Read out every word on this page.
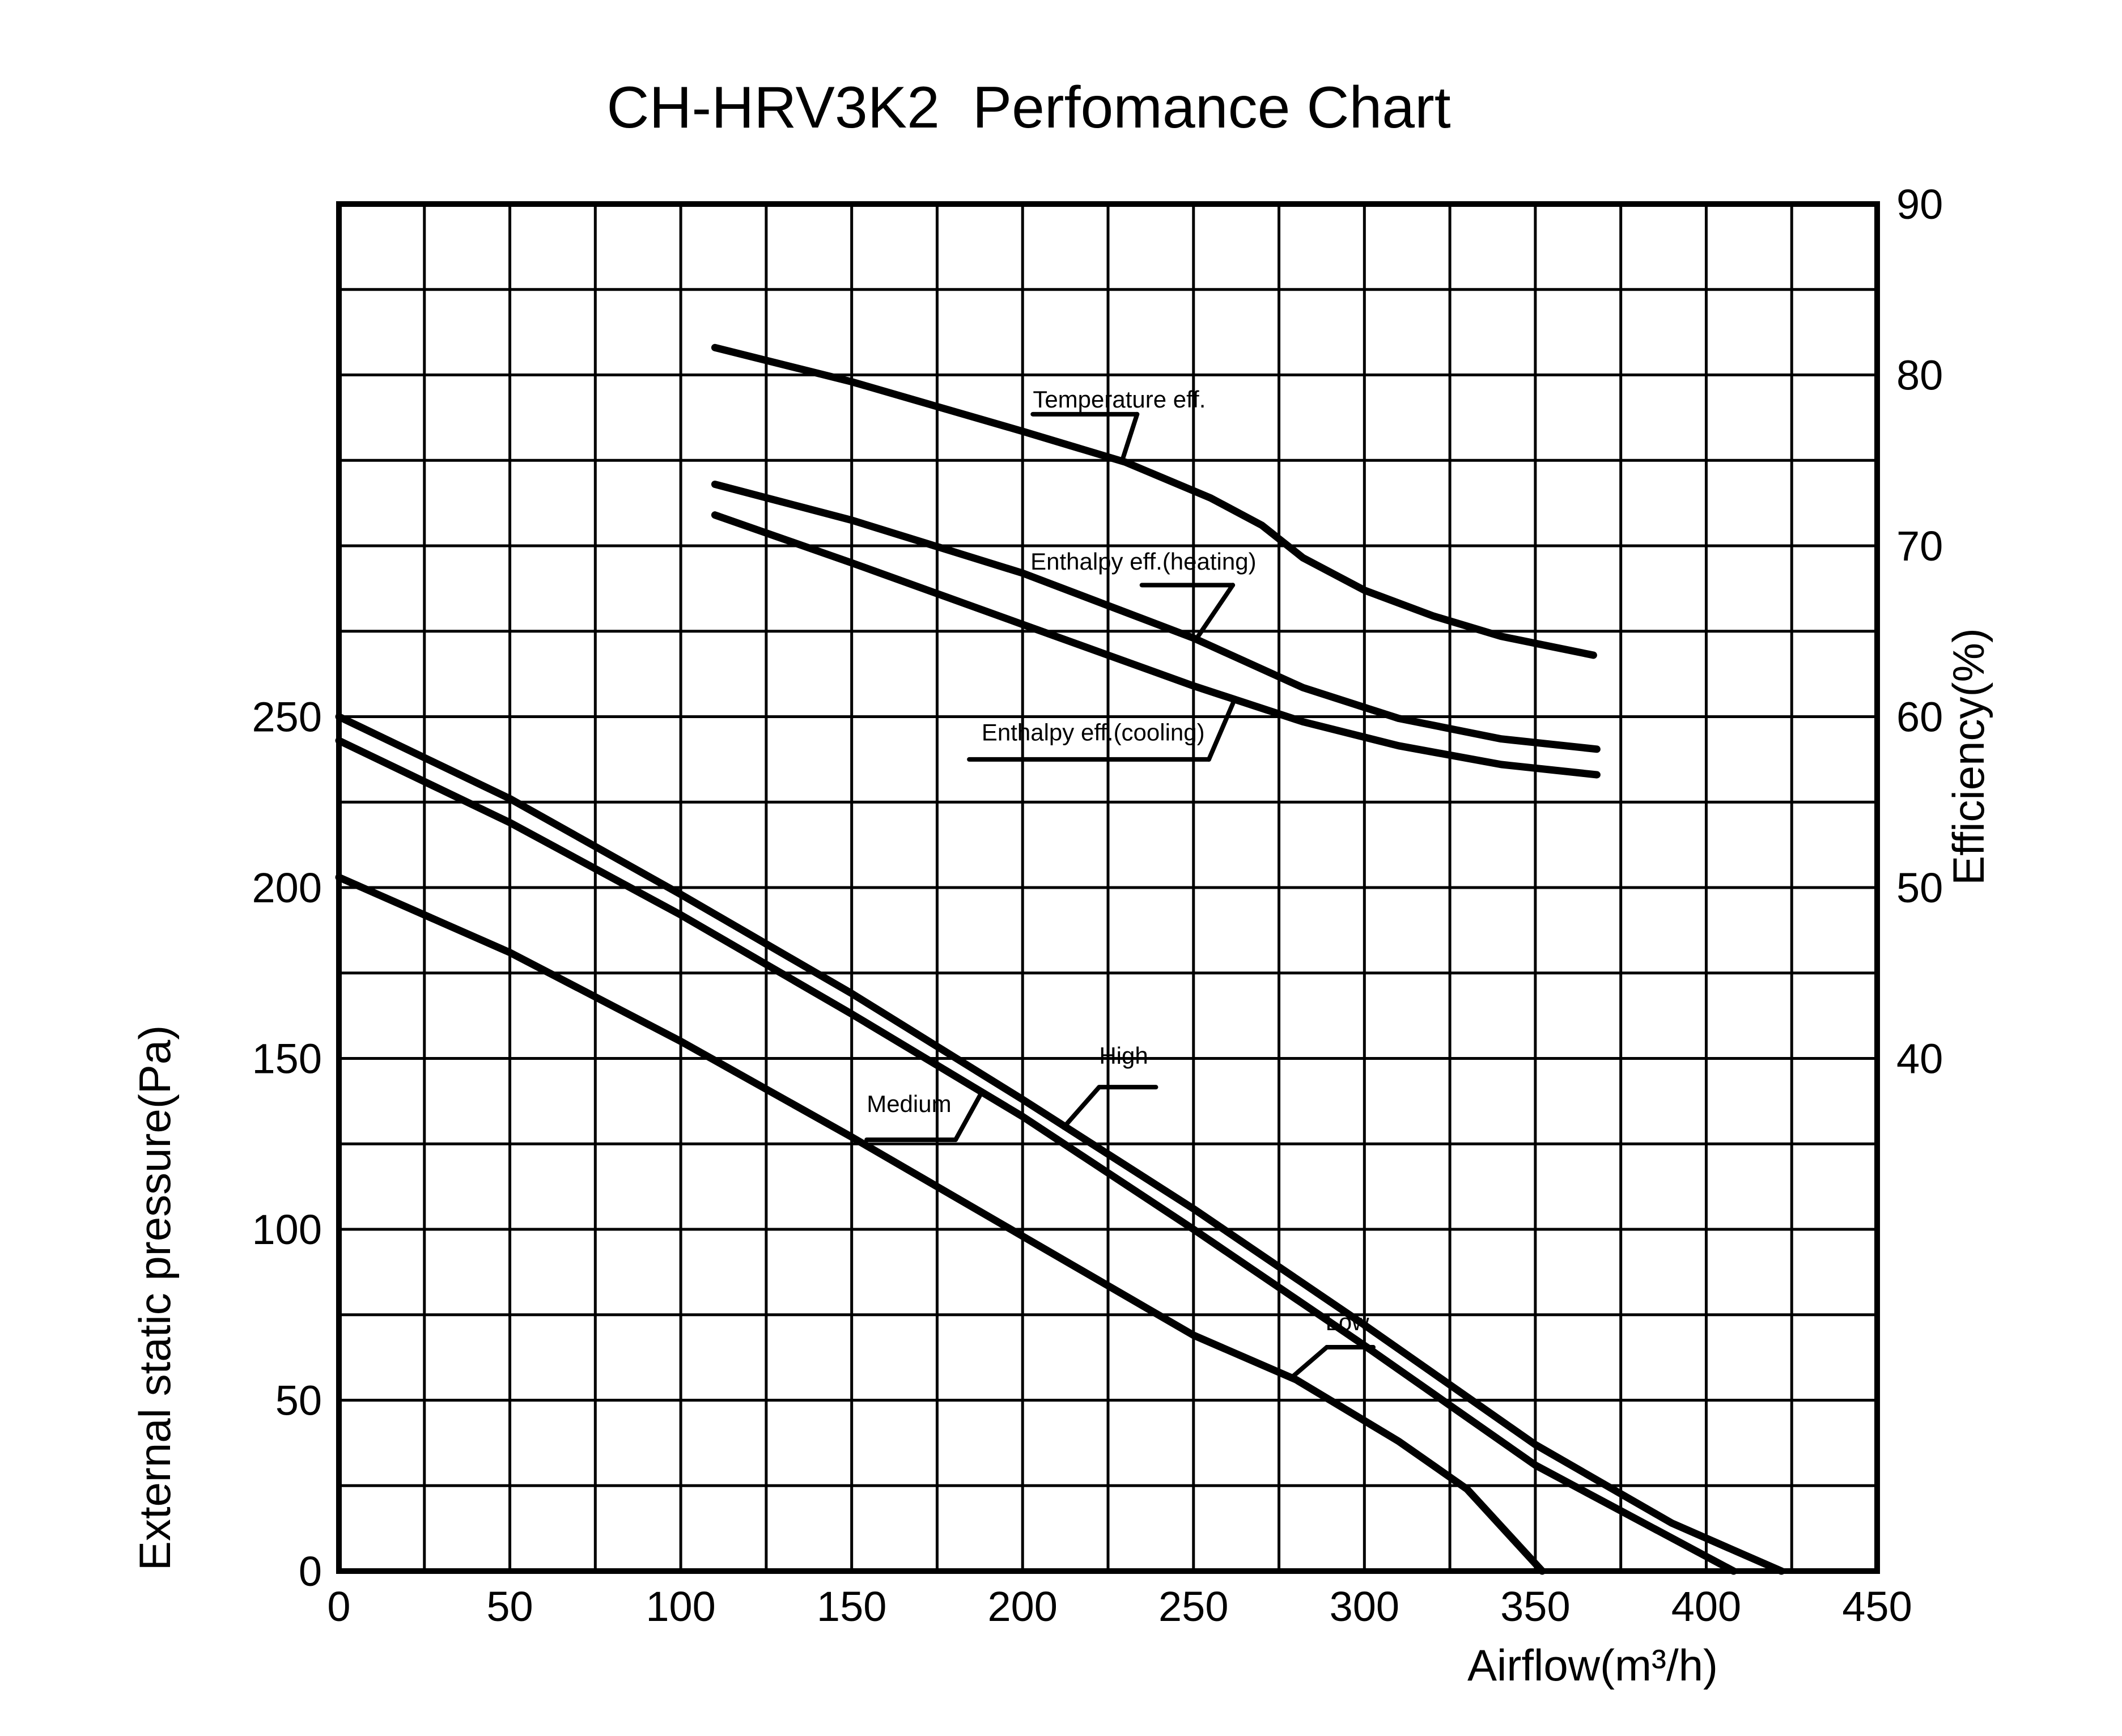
CH-HRV3K2  Perfomance Chart
Temperature eff.
Enthalpy eff.(heating)
Enthalpy eff.(cooling)
High
Medium
Low
0	50	100 150 200 250 300 350 400 450
0
50
100
150
200
250
40
50
60
70
80
90
Airflow(m³/h)
External static pressure(Pa)
Efficiency(%)
